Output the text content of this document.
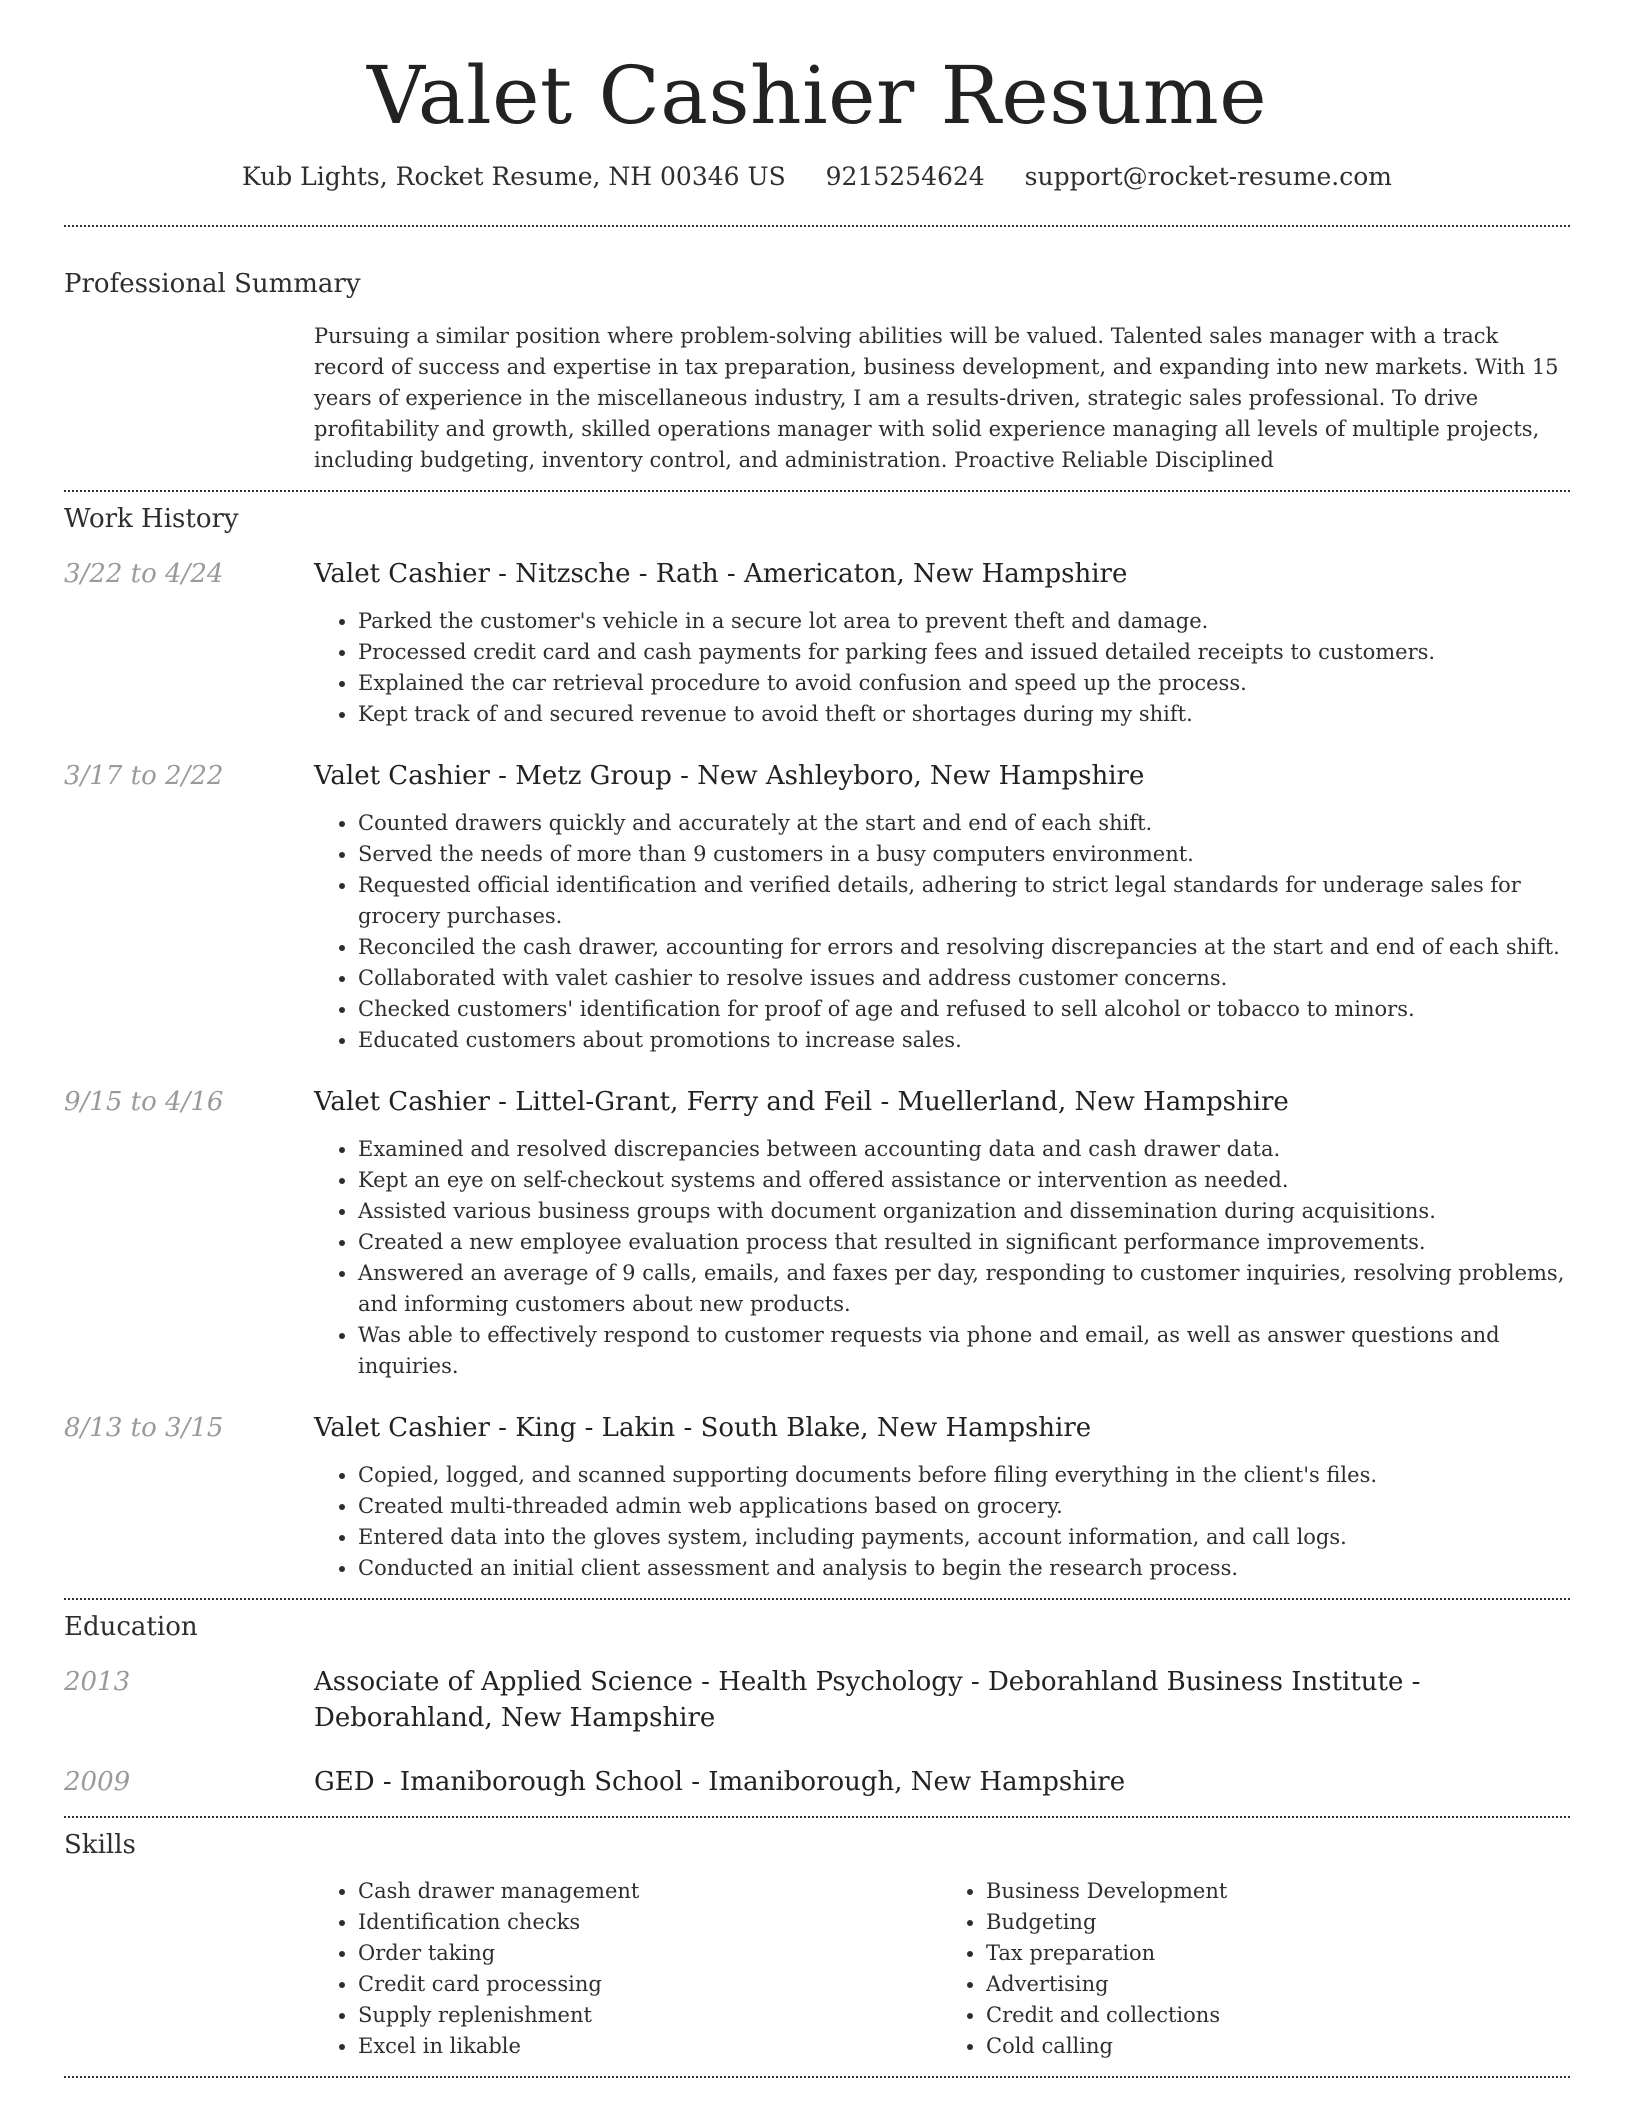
Valet Cashier Resume
Kub Lights, Rocket Resume, NH 00346 US 9215254624 support@rocket-resume.com
Professional Summary
Pursuing a similar position where problem-solving abilities will be valued. Talented sales manager with a track record of success and expertise in tax preparation, business development, and expanding into new markets. With 15 years of experience in the miscellaneous industry, I am a results-driven, strategic sales professional. To drive profitability and growth, skilled operations manager with solid experience managing all levels of multiple projects, including budgeting, inventory control, and administration. Proactive Reliable Disciplined
Work History
3/22 to 4/24	Valet Cashier - Nitzsche - Rath - Americaton, New Hampshire
• Parked the customer's vehicle in a secure lot area to prevent theft and damage.
• Processed credit card and cash payments for parking fees and issued detailed receipts to customers.
• Explained the car retrieval procedure to avoid confusion and speed up the process.
• Kept track of and secured revenue to avoid theft or shortages during my shift.
3/17 to 2/22	Valet Cashier - Metz Group - New Ashleyboro, New Hampshire
• Counted drawers quickly and accurately at the start and end of each shift.
• Served the needs of more than 9 customers in a busy computers environment.
• Requested official identification and verified details, adhering to strict legal standards for underage sales for grocery purchases.
• Reconciled the cash drawer, accounting for errors and resolving discrepancies at the start and end of each shift.
• Collaborated with valet cashier to resolve issues and address customer concerns.
• Checked customers' identification for proof of age and refused to sell alcohol or tobacco to minors.
• Educated customers about promotions to increase sales.
9/15 to 4/16	Valet Cashier - Littel-Grant, Ferry and Feil - Muellerland, New Hampshire
• Examined and resolved discrepancies between accounting data and cash drawer data.
• Kept an eye on self-checkout systems and offered assistance or intervention as needed.
• Assisted various business groups with document organization and dissemination during acquisitions.
• Created a new employee evaluation process that resulted in significant performance improvements.
• Answered an average of 9 calls, emails, and faxes per day, responding to customer inquiries, resolving problems, and informing customers about new products.
• Was able to effectively respond to customer requests via phone and email, as well as answer questions and inquiries.
8/13 to 3/15	Valet Cashier - King - Lakin - South Blake, New Hampshire
• Copied, logged, and scanned supporting documents before filing everything in the client's files.
• Created multi-threaded admin web applications based on grocery.
• Entered data into the gloves system, including payments, account information, and call logs.
• Conducted an initial client assessment and analysis to begin the research process.
Education
2013	Associate of Applied Science - Health Psychology - Deborahland Business Institute - Deborahland, New Hampshire
2009	GED - Imaniborough School - Imaniborough, New Hampshire
Skills
• Cash drawer management
• Identification checks
• Order taking
• Credit card processing
• Supply replenishment
• Excel in likable
• Business Development
• Budgeting
• Tax preparation
• Advertising
• Credit and collections
• Cold calling
